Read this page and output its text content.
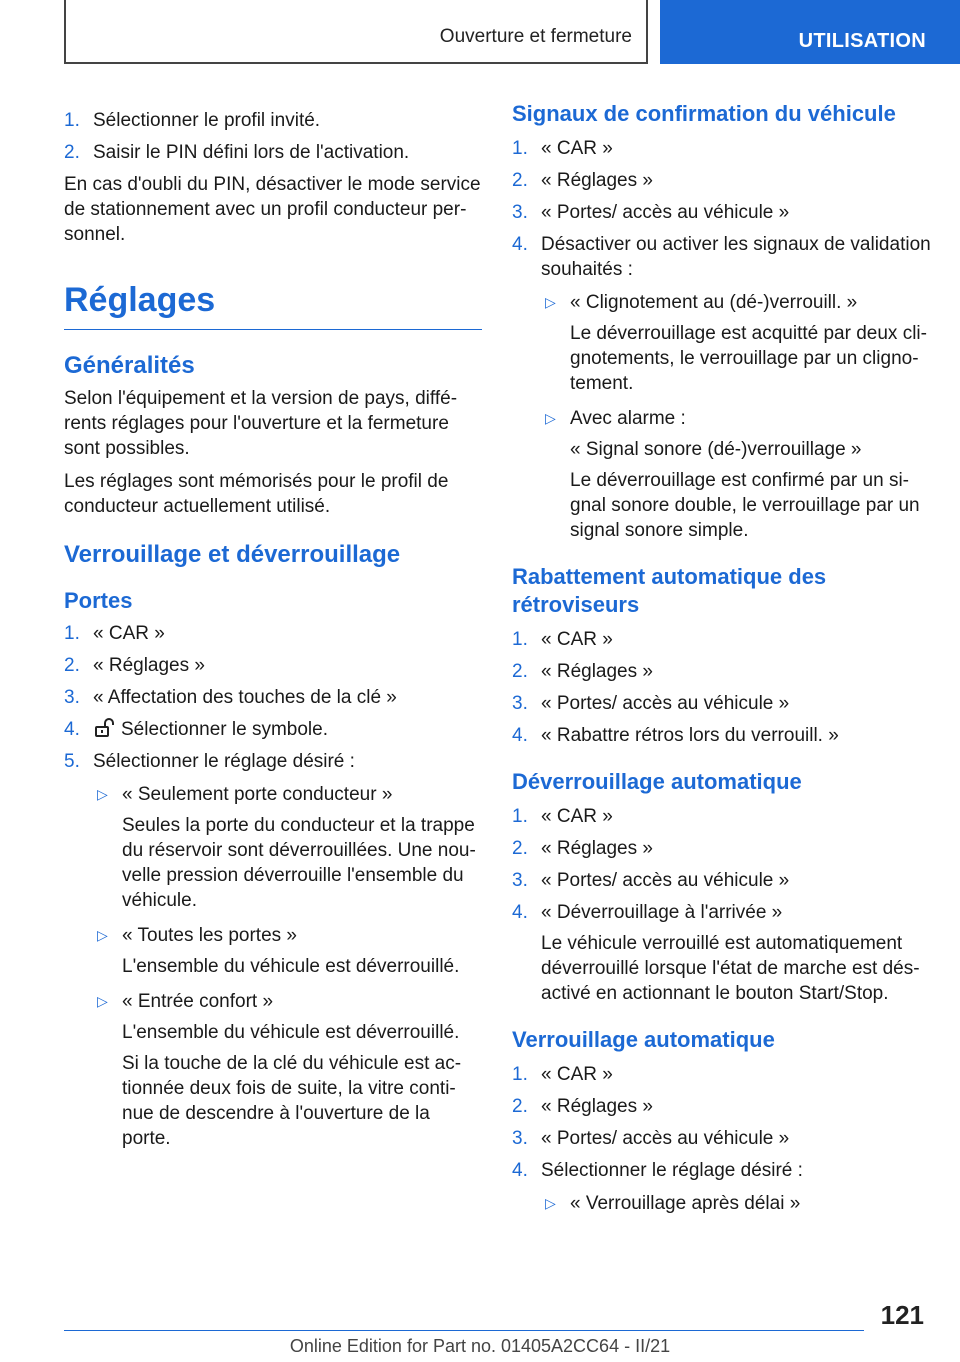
Ouverture et fermeture	UTILISATION
1. Sélectionner le profil invité.
2. Saisir le PIN défini lors de l'activation.

En cas d'oubli du PIN, désactiver le mode service de stationnement avec un profil conducteur per-sonnel.

Réglages
Généralités

Selon l'équipement et la version de pays, diffé-rents réglages pour l'ouverture et la fermeture sont possibles.

Les réglages sont mémorisés pour le profil de conducteur actuellement utilisé.

Verrouillage et déverrouillage
Portes
1. « CAR »
2. « Réglages »
3. « Affectation des touches de la clé »
4. Sélectionner le symbole.
5. Sélectionner le réglage désiré :
▷ « Seulement porte conducteur »

Seules la porte du conducteur et la trappe du réservoir sont déverrouillées. Une nou-velle pression déverrouille l'ensemble du véhicule.

▷ « Toutes les portes »

L'ensemble du véhicule est déverrouillé.

▷ « Entrée confort »

L'ensemble du véhicule est déverrouillé.

Si la touche de la clé du véhicule est ac-tionnée deux fois de suite, la vitre conti-nue de descendre à l'ouverture de la porte.

Signaux de confirmation du véhicule
1. « CAR »
2. « Réglages »
3. « Portes/ accès au véhicule »
4. Désactiver ou activer les signaux de validation souhaités :
▷ « Clignotement au (dé-)verrouill. »

Le déverrouillage est acquitté par deux cli-gnotements, le verrouillage par un cligno-tement.

▷ Avec alarme :

« Signal sonore (dé-)verrouillage »

Le déverrouillage est confirmé par un si-gnal sonore double, le verrouillage par un signal sonore simple.

Rabattement automatique des rétroviseurs
1. « CAR »
2. « Réglages »
3. « Portes/ accès au véhicule »
4. « Rabattre rétros lors du verrouill. »
Déverrouillage automatique
1. « CAR »
2. « Réglages »
3. « Portes/ accès au véhicule »
4. « Déverrouillage à l'arrivée »

Le véhicule verrouillé est automatiquement déverrouillé lorsque l'état de marche est dés-activé en actionnant le bouton Start/Stop.

Verrouillage automatique
1. « CAR »
2. « Réglages »
3. « Portes/ accès au véhicule »
4. Sélectionner le réglage désiré :
▷ « Verrouillage après délai »

121
Online Edition for Part no. 01405A2CC64 - II/21
